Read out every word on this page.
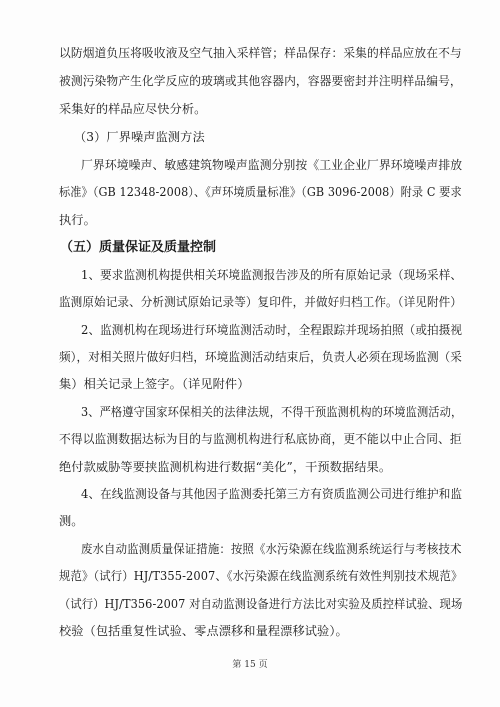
以防烟道负压将吸收液及空气抽入采样管；样品保存：采集的样品应放在不与
被测污染物产生化学反应的玻璃或其他容器内，容器要密封并注明样品编号，
采集好的样品应尽快分析。
（3）厂界噪声监测方法
厂界环境噪声、敏感建筑物噪声监测分别按《工业企业厂界环境噪声排放
标准》（GB 12348-2008）、《声环境质量标准》（GB 3096-2008）附录 C 要求
执行。
（五）质量保证及质量控制
1、要求监测机构提供相关环境监测报告涉及的所有原始记录（现场采样、
监测原始记录、分析测试原始记录等）复印件，并做好归档工作。（详见附件）
2、监测机构在现场进行环境监测活动时，全程跟踪并现场拍照（或拍摄视
频），对相关照片做好归档，环境监测活动结束后，负责人必须在现场监测（采
集）相关记录上签字。（详见附件）
3、严格遵守国家环保相关的法律法规，不得干预监测机构的环境监测活动，
不得以监测数据达标为目的与监测机构进行私底协商，更不能以中止合同、拒
绝付款威胁等要挟监测机构进行数据“美化”，干预数据结果。
4、在线监测设备与其他因子监测委托第三方有资质监测公司进行维护和监
测。
废水自动监测质量保证措施：按照《水污染源在线监测系统运行与考核技术
规范》（试行）HJ/T355-2007、《水污染源在线监测系统有效性判别技术规范》
（试行）HJ/T356-2007 对自动监测设备进行方法比对实验及质控样试验、现场
校验（包括重复性试验、零点漂移和量程漂移试验）。
第 15 页
